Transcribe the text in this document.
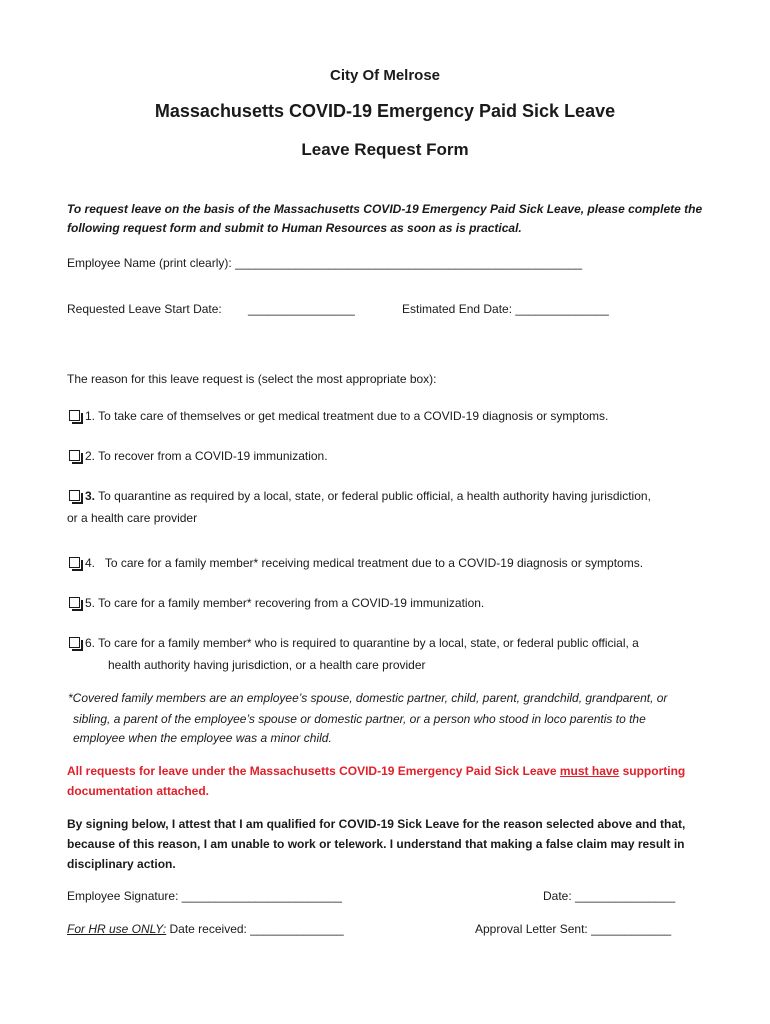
City Of Melrose
Massachusetts COVID-19 Emergency Paid Sick Leave
Leave Request Form
To request leave on the basis of the Massachusetts COVID-19 Emergency Paid Sick Leave, please complete the
following request form and submit to Human Resources as soon as is practical.
Employee Name (print clearly): ____________________________________________________
Requested Leave Start Date: ________________	Estimated End Date: ______________
The reason for this leave request is (select the most appropriate box):
1. To take care of themselves or get medical treatment due to a COVID-19 diagnosis or symptoms.
2. To recover from a COVID-19 immunization.
3. To quarantine as required by a local, state, or federal public official, a health authority having jurisdiction,
or a health care provider
4. To care for a family member* receiving medical treatment due to a COVID-19 diagnosis or symptoms.
5. To care for a family member* recovering from a COVID-19 immunization.
6. To care for a family member* who is required to quarantine by a local, state, or federal public official, a
health authority having jurisdiction, or a health care provider
*Covered family members are an employee’s spouse, domestic partner, child, parent, grandchild, grandparent, or
sibling, a parent of the employee’s spouse or domestic partner, or a person who stood in loco parentis to the
employee when the employee was a minor child.
All requests for leave under the Massachusetts COVID-19 Emergency Paid Sick Leave must have supporting
documentation attached.
By signing below, I attest that I am qualified for COVID-19 Sick Leave for the reason selected above and that,
because of this reason, I am unable to work or telework. I understand that making a false claim may result in
disciplinary action.
Employee Signature: ________________________	Date: _______________
For HR use ONLY: Date received: ______________	Approval Letter Sent: ____________
